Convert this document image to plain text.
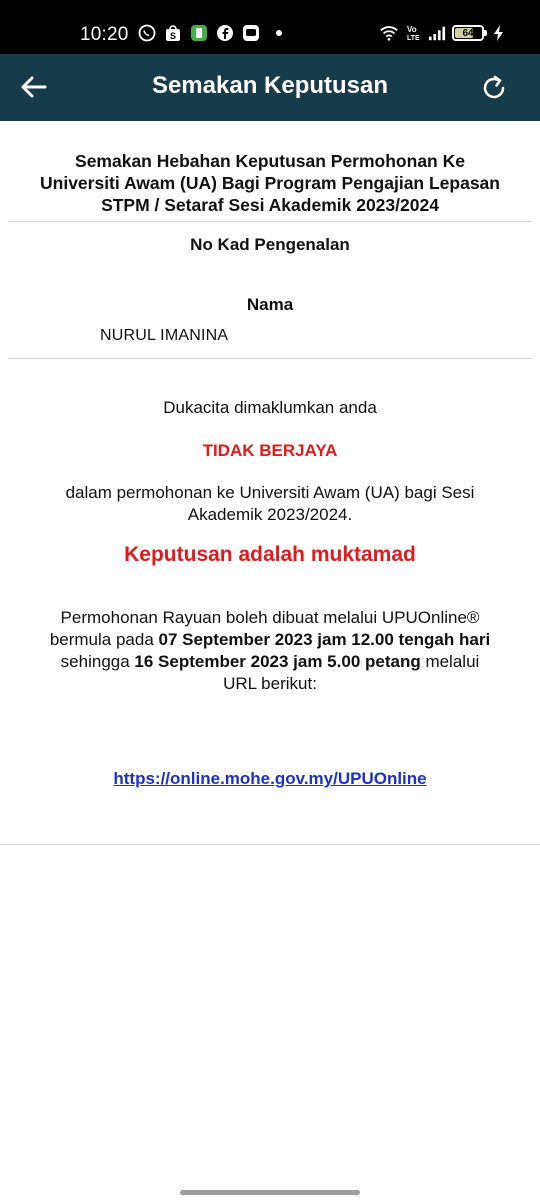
10:20	S
Vo
LTE	64
Semakan Keputusan
Semakan Hebahan Keputusan Permohonan Ke Universiti Awam (UA) Bagi Program Pengajian Lepasan STPM / Setaraf Sesi Akademik 2023/2024
No Kad Pengenalan
Nama
NURUL IMANINA
Dukacita dimaklumkan anda
TIDAK BERJAYA
dalam permohonan ke Universiti Awam (UA) bagi Sesi Akademik 2023/2024.
Keputusan adalah muktamad
Permohonan Rayuan boleh dibuat melalui UPUOnline® bermula pada 07 September 2023 jam 12.00 tengah hari sehingga 16 September 2023 jam 5.00 petang melalui URL berikut:
https://online.mohe.gov.my/UPUOnline
